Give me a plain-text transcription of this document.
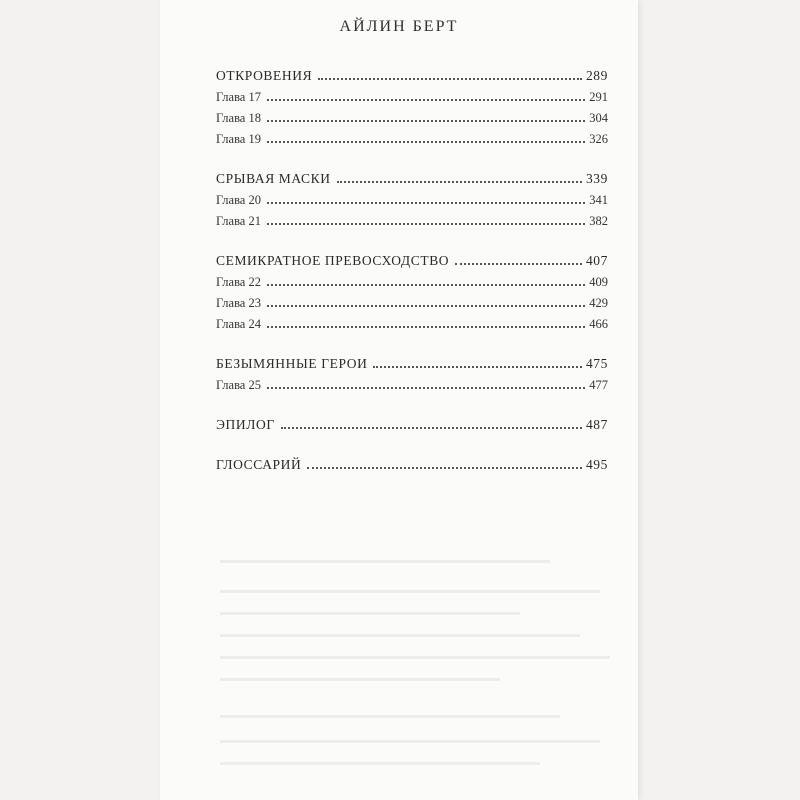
АЙЛИН БЕРТ
ОТКРОВЕНИЯ	289
Глава 17	291
Глава 18	304
Глава 19	326
СРЫВАЯ МАСКИ	339
Глава 20	341
Глава 21	382
СЕМИКРАТНОЕ ПРЕВОСХОДСТВО	407
Глава 22	409
Глава 23	429
Глава 24	466
БЕЗЫМЯННЫЕ ГЕРОИ	475
Глава 25	477
ЭПИЛОГ	487
ГЛОССАРИЙ	495
